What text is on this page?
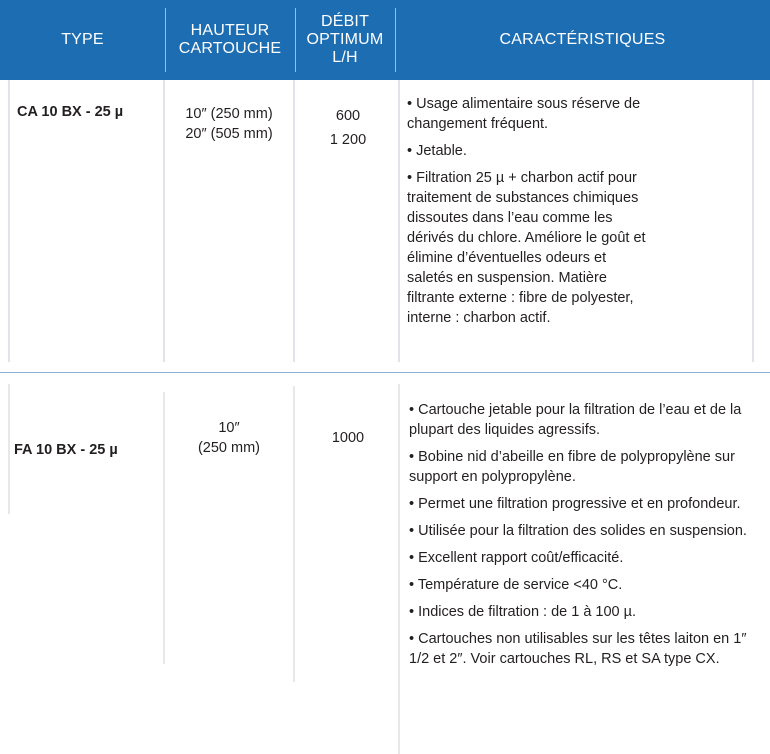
TYPE
HAUTEUR
CARTOUCHE
DÉBIT
OPTIMUM
L/H
CARACTÉRISTIQUES
CA 10 BX - 25 µ	10″ (250 mm)
20″ (505 mm)
600
1 200

• Usage alimentaire sous réserve de changement fréquent.

• Jetable.

• Filtration 25 µ + charbon actif pour traitement de substances chimiques dissoutes dans l’eau comme les dérivés du chlore. Améliore le goût et élimine d’éventuelles odeurs et saletés en suspension. Matière filtrante externe : fibre de polyester, interne : charbon actif.

FA 10 BX - 25 µ
10″
(250 mm)
1000

• Cartouche jetable pour la filtration de l’eau et de la plupart des liquides agressifs.

• Bobine nid d’abeille en fibre de polypropylène sur support en polypropylène.

• Permet une filtration progressive et en profondeur.

• Utilisée pour la filtration des solides en suspension.

• Excellent rapport coût/efficacité.

• Température de service <40 °C.

• Indices de filtration : de 1 à 100 µ.

• Cartouches non utilisables sur les têtes laiton en 1″ 1/2 et 2″. Voir cartouches RL, RS et SA type CX.
